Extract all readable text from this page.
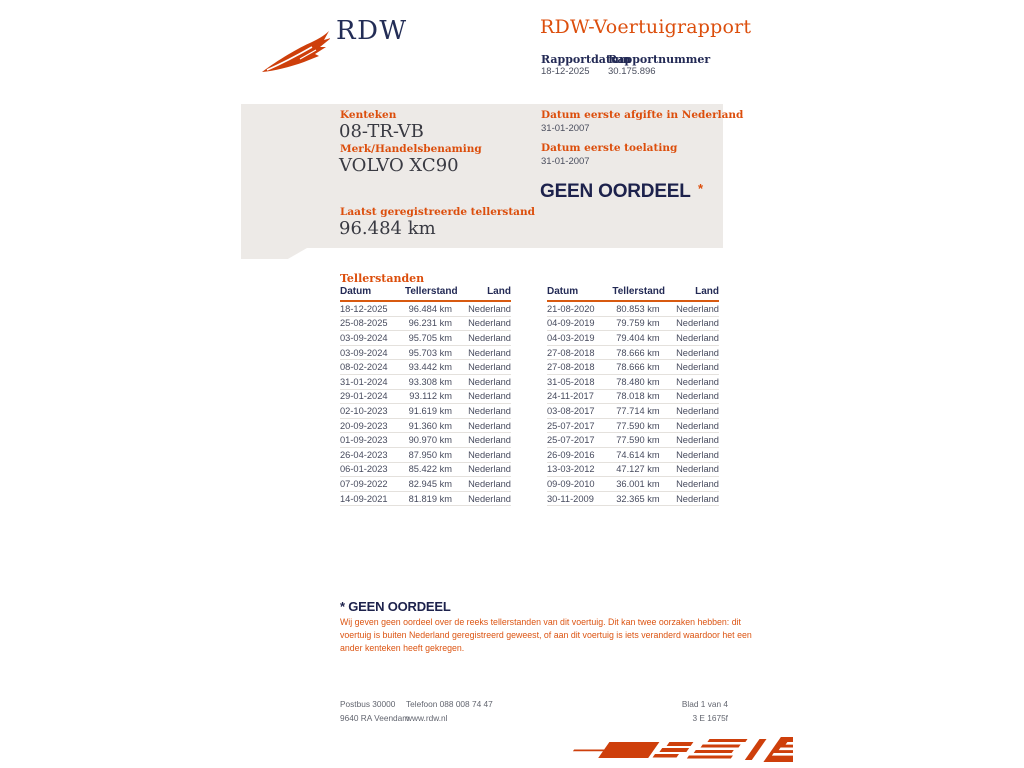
RDW	RDW-Voertuigrapport
Rapportdatum
18-12-2025
Rapportnummer
30.175.896
Kenteken
08-TR-VB
Merk/Handelsbenaming
VOLVO XC90
Laatst geregistreerde tellerstand
96.484 km
Datum eerste afgifte in Nederland
31-01-2007
Datum eerste toelating
31-01-2007
GEEN OORDEEL *
Tellerstanden
Datum	Tellerstand	Land
18-12-2025	96.484 km	Nederland
25-08-2025	96.231 km	Nederland
03-09-2024	95.705 km	Nederland
03-09-2024	95.703 km	Nederland
08-02-2024	93.442 km	Nederland
31-01-2024	93.308 km	Nederland
29-01-2024	93.112 km	Nederland
02-10-2023	91.619 km	Nederland
20-09-2023	91.360 km	Nederland
01-09-2023	90.970 km	Nederland
26-04-2023	87.950 km	Nederland
06-01-2023	85.422 km	Nederland
07-09-2022	82.945 km	Nederland
14-09-2021	81.819 km	Nederland
Datum	Tellerstand	Land
21-08-2020	80.853 km	Nederland
04-09-2019	79.759 km	Nederland
04-03-2019	79.404 km	Nederland
27-08-2018	78.666 km	Nederland
27-08-2018	78.666 km	Nederland
31-05-2018	78.480 km	Nederland
24-11-2017	78.018 km	Nederland
03-08-2017	77.714 km	Nederland
25-07-2017	77.590 km	Nederland
25-07-2017	77.590 km	Nederland
26-09-2016	74.614 km	Nederland
13-03-2012	47.127 km	Nederland
09-09-2010	36.001 km	Nederland
30-11-2009	32.365 km	Nederland
* GEEN OORDEEL
Wij geven geen oordeel over de reeks tellerstanden van dit voertuig. Dit kan twee oorzaken hebben: dit
voertuig is buiten Nederland geregistreerd geweest, of aan dit voertuig is iets veranderd waardoor het een
ander kenteken heeft gekregen.
Postbus 30000
9640 RA Veendam
Telefoon 088 008 74 47
www.rdw.nl
Blad 1 van 4
3 E 1675f
